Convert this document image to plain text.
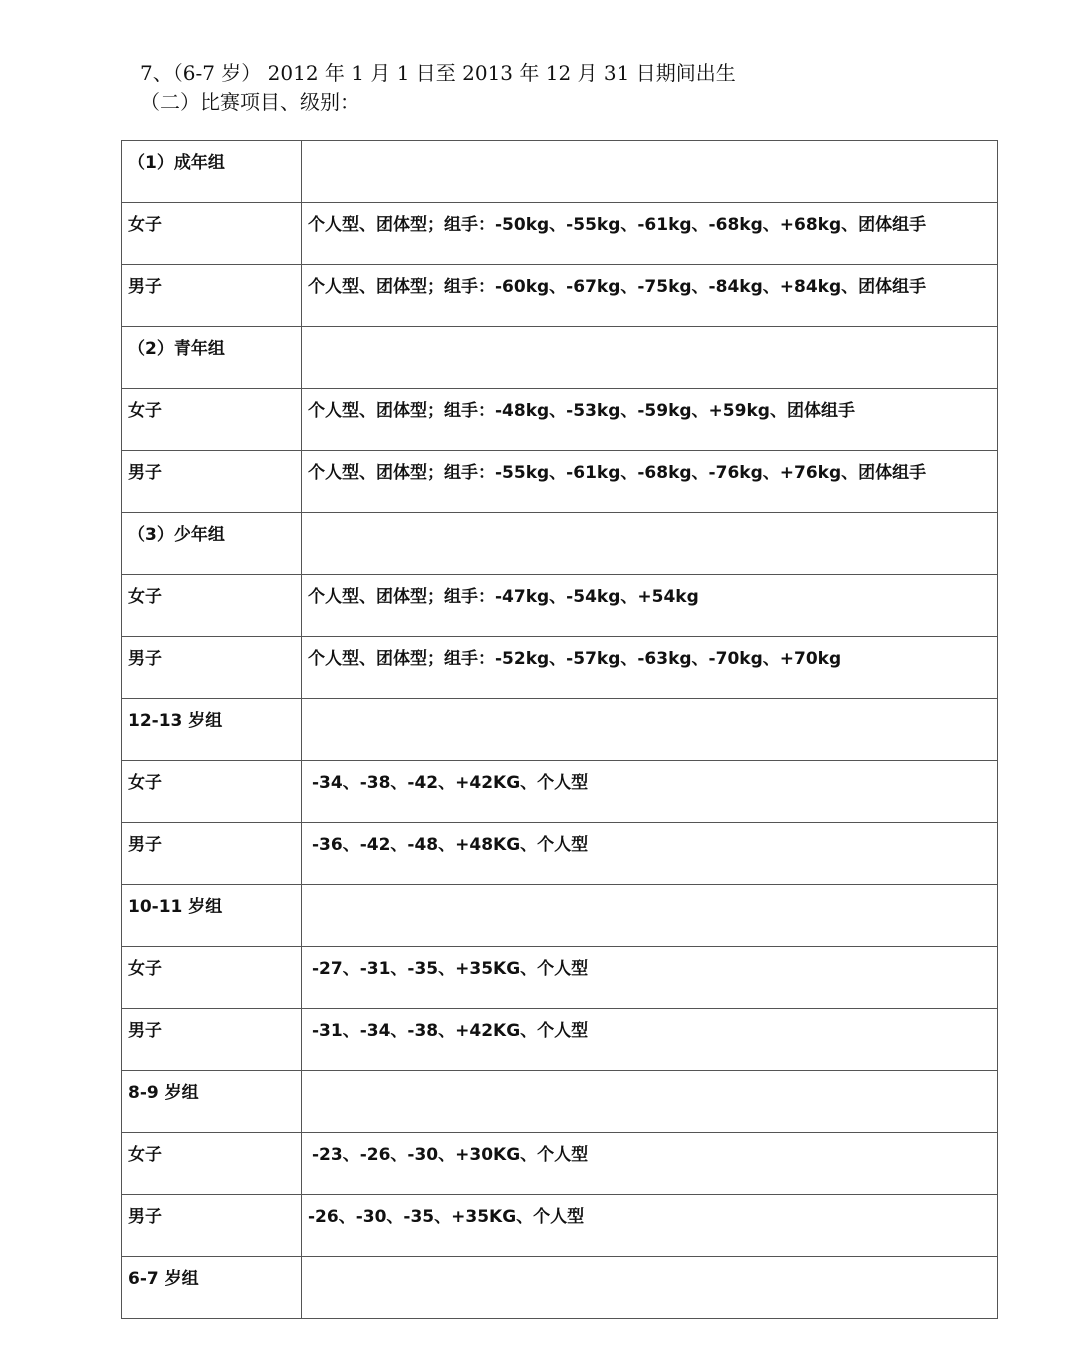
7、（6-7 岁） 2012 年 1 月 1 日至 2013 年 12 月 31 日期间出生
（二）比赛项目、级别：
（1）成年组	
女子	个人型、团体型；组手：-50kg、-55kg、-61kg、-68kg、+68kg、团体组手
男子	个人型、团体型；组手：-60kg、-67kg、-75kg、-84kg、+84kg、团体组手
（2）青年组	
女子	个人型、团体型；组手：-48kg、-53kg、-59kg、+59kg、团体组手
男子	个人型、团体型；组手：-55kg、-61kg、-68kg、-76kg、+76kg、团体组手
（3）少年组	
女子	个人型、团体型；组手：-47kg、-54kg、+54kg
男子	个人型、团体型；组手：-52kg、-57kg、-63kg、-70kg、+70kg
12-13 岁组	
女子	-34、-38、-42、+42KG、个人型
男子	-36、-42、-48、+48KG、个人型
10-11 岁组	
女子	-27、-31、-35、+35KG、个人型
男子	-31、-34、-38、+42KG、个人型
8-9 岁组	
女子	-23、-26、-30、+30KG、个人型
男子	-26、-30、-35、+35KG、个人型
6-7 岁组	
